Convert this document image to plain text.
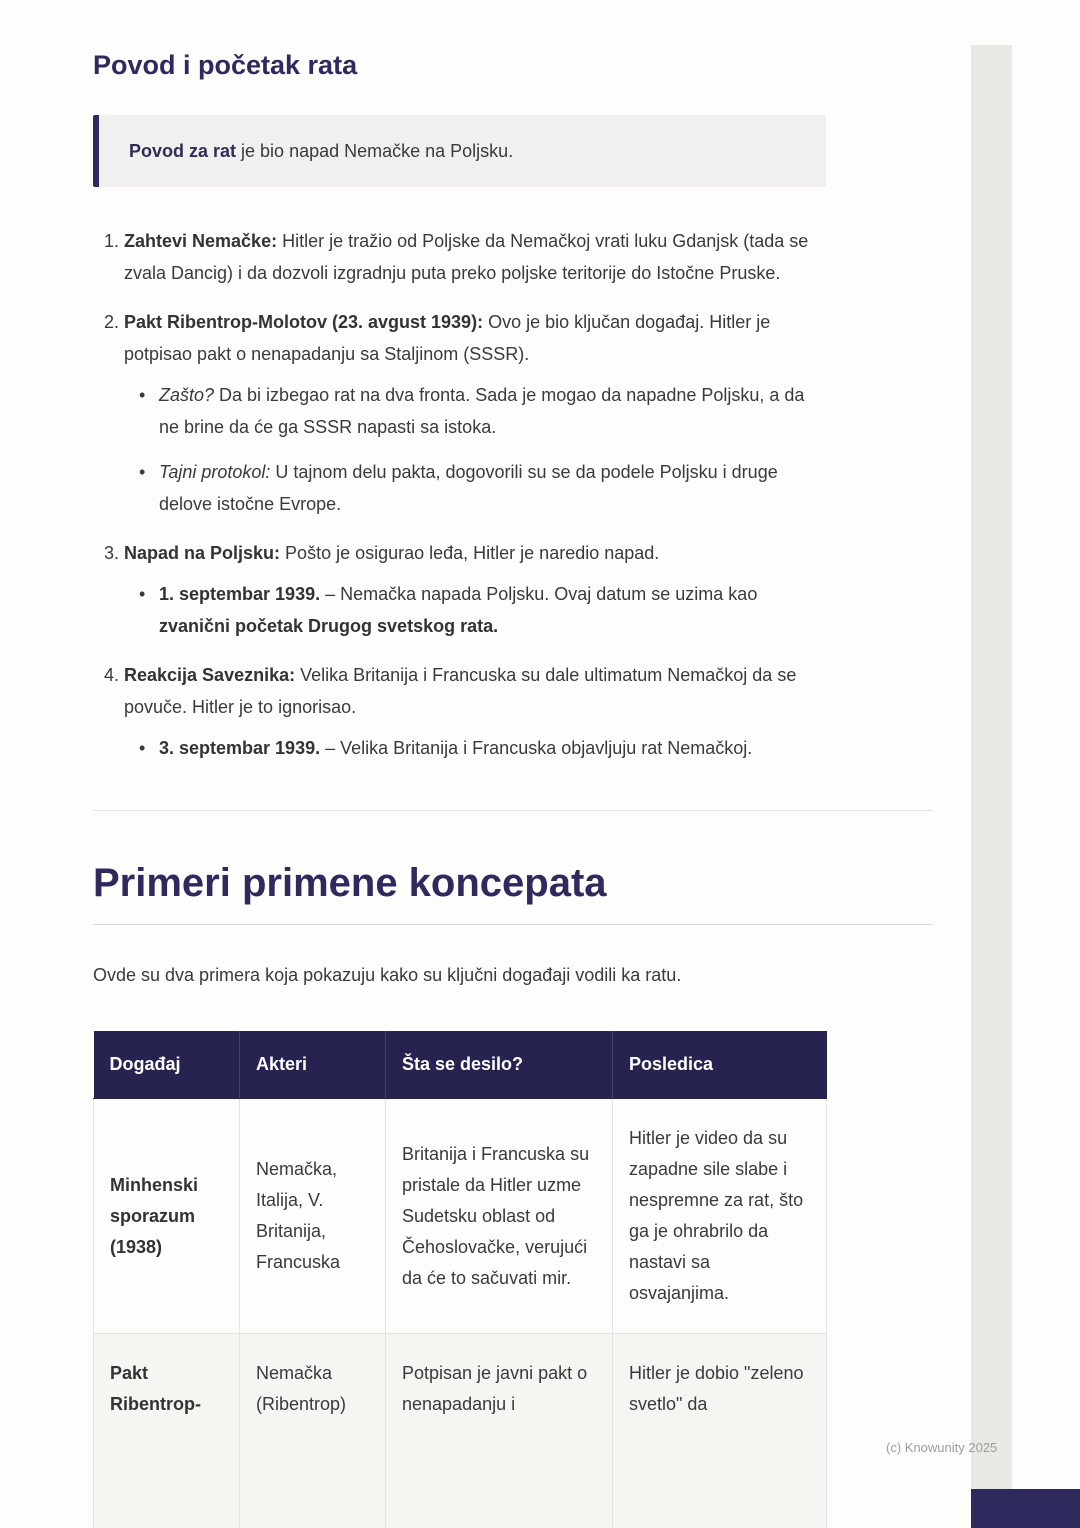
Povod i početak rata

Povod za rat je bio napad Nemačke na Poljsku.

1. Zahtevi Nemačke: Hitler je tražio od Poljske da Nemačkoj vrati luku Gdanjsk (tada se zvala Dancig) i da dozvoli izgradnju puta preko poljske teritorije do Istočne Pruske.
2. Pakt Ribentrop-Molotov (23. avgust 1939): Ovo je bio ključan događaj. Hitler je potpisao pakt o nenapadanju sa Staljinom (SSSR).
• Zašto? Da bi izbegao rat na dva fronta. Sada je mogao da napadne Poljsku, a da ne brine da će ga SSSR napasti sa istoka.
• Tajni protokol: U tajnom delu pakta, dogovorili su se da podele Poljsku i druge delove istočne Evrope.
3. Napad na Poljsku: Pošto je osigurao leđa, Hitler je naredio napad.
• 1. septembar 1939. – Nemačka napada Poljsku. Ovaj datum se uzima kao zvanični početak Drugog svetskog rata.
4. Reakcija Saveznika: Velika Britanija i Francuska su dale ultimatum Nemačkoj da se povuče. Hitler je to ignorisao.
• 3. septembar 1939. – Velika Britanija i Francuska objavljuju rat Nemačkoj.
Primeri primene koncepata

Ovde su dva primera koja pokazuju kako su ključni događaji vodili ka ratu.

Događaj	Akteri	Šta se desilo?	Posledica
Minhenski sporazum (1938)	Nemačka, Italija, V. Britanija, Francuska	Britanija i Francuska su pristale da Hitler uzme Sudetsku oblast od Čehoslovačke, verujući da će to sačuvati mir.	Hitler je video da su zapadne sile slabe i nespremne za rat, što ga je ohrabrilo da nastavi sa osvajanjima.
Pakt Ribentrop-	Nemačka (Ribentrop)	Potpisan je javni pakt o nenapadanju i	Hitler je dobio "zeleno svetlo" da
(c) Knowunity 2025
